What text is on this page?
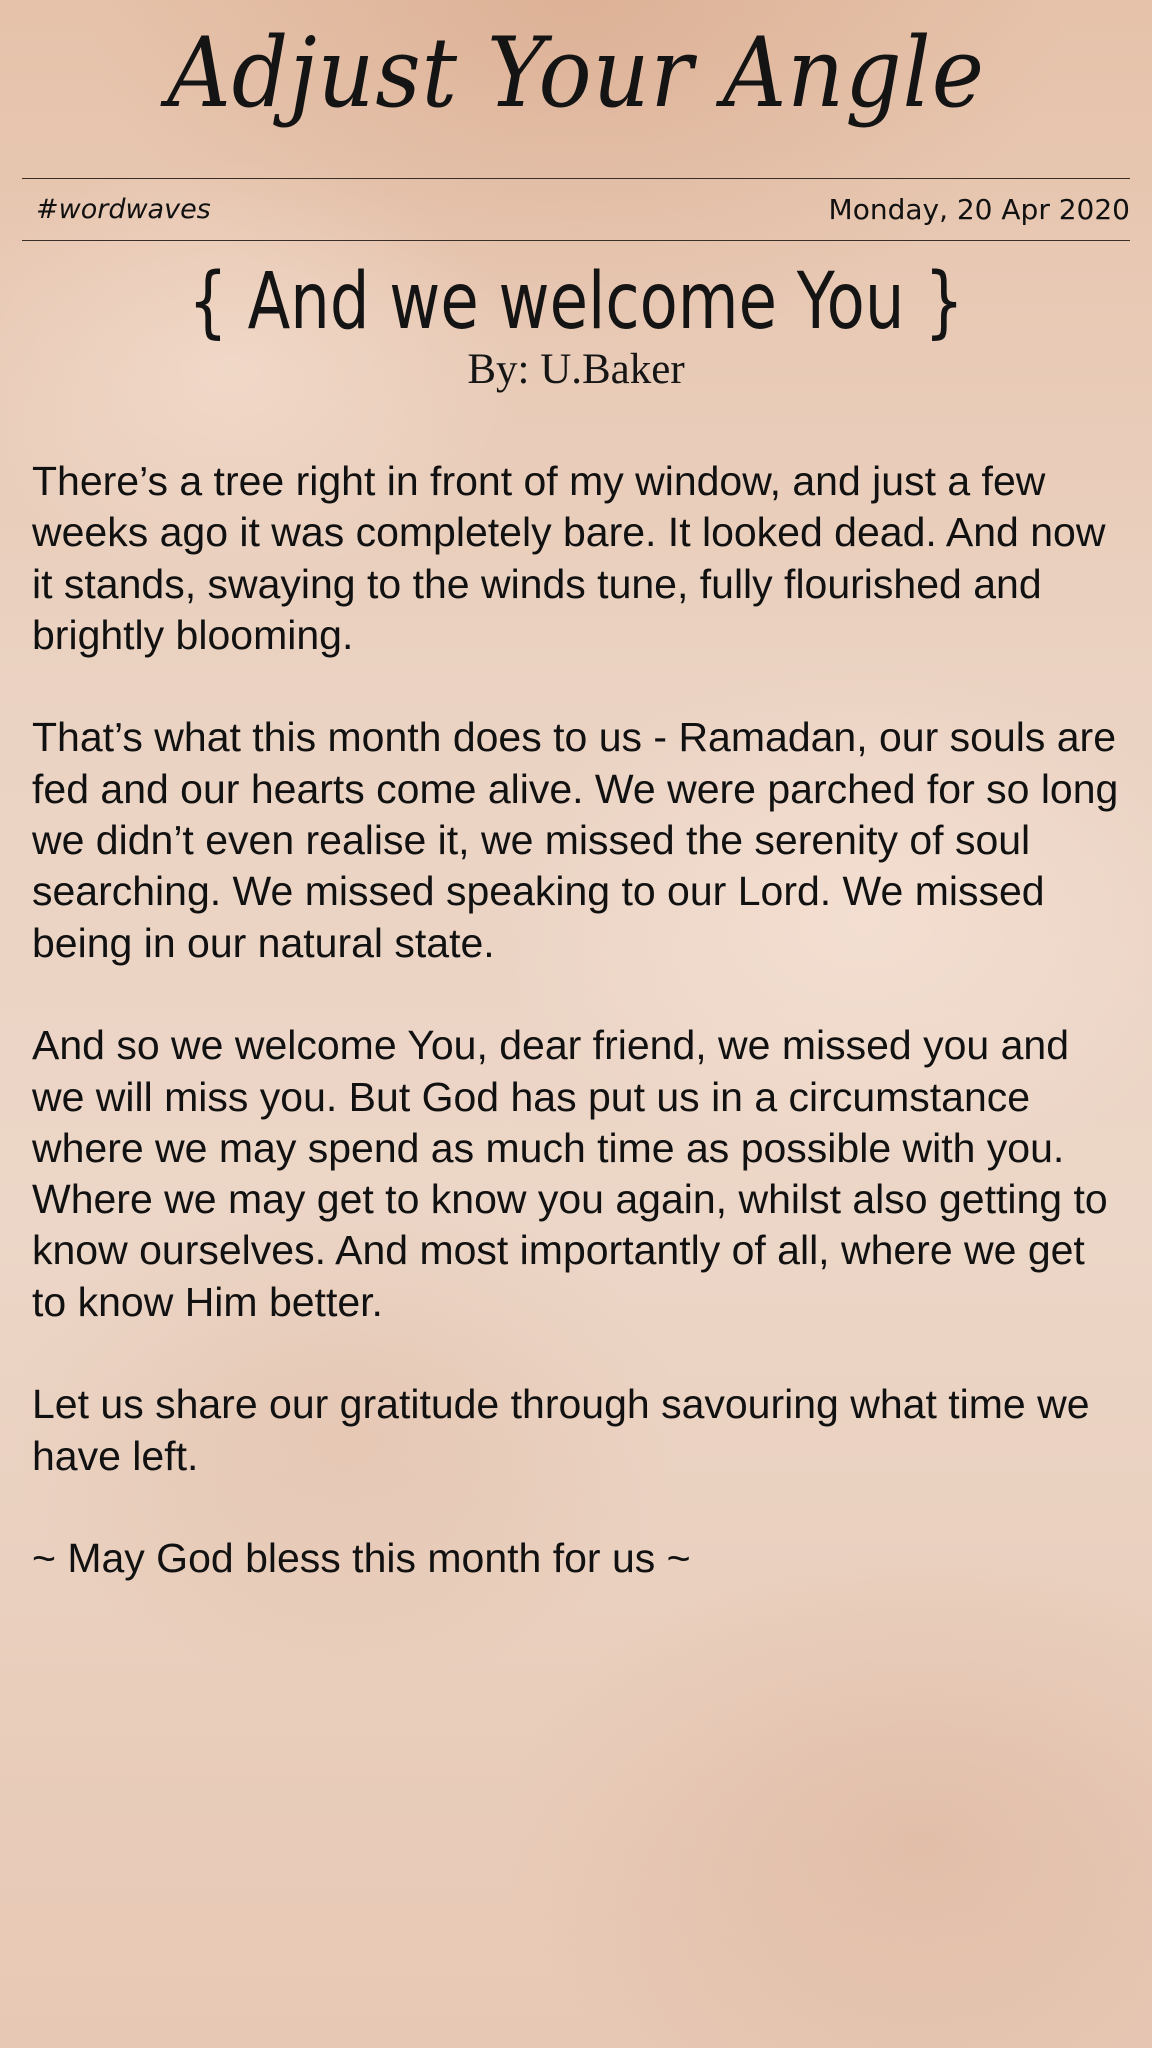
Adjust Your Angle
#wordwaves	Monday, 20 Apr 2020
{ And we welcome You }
By: U.Baker

There’s a tree right in front of my window, and just a few weeks ago it was completely bare. It looked dead. And now it stands, swaying to the winds tune, fully flourished and brightly blooming.

That’s what this month does to us - Ramadan, our souls are fed and our hearts come alive. We were parched for so long we didn’t even realise it, we missed the serenity of soul searching. We missed speaking to our Lord. We missed being in our natural state.

And so we welcome You, dear friend, we missed you and we will miss you. But God has put us in a circumstance where we may spend as much time as possible with you. Where we may get to know you again, whilst also getting to know ourselves. And most importantly of all, where we get to know Him better.

Let us share our gratitude through savouring what time we have left.

~ May God bless this month for us ~
